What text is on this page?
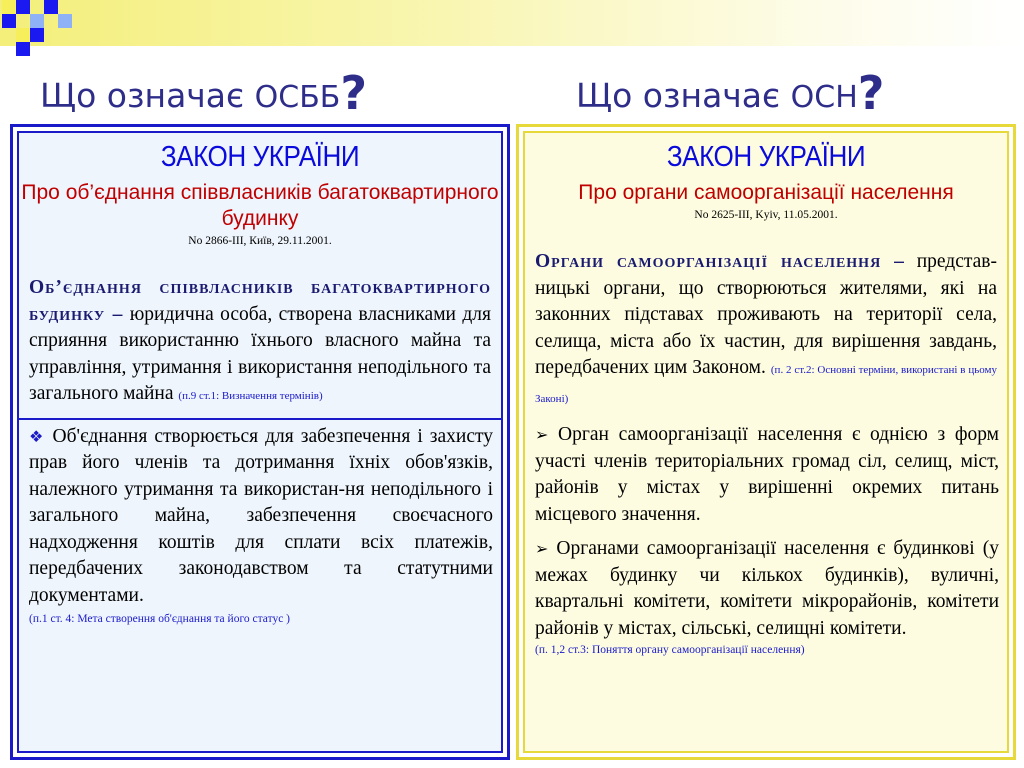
Що означає ОСББ?	Що означає ОСН?
ЗАКОН УКРАЇНИ
Про об’єднання співвласників багатоквартирного будинку
No 2866-III, Київ, 29.11.2001.
Об’єднання співвласників багатоквартирного будинку – юридична особа, створена власниками для сприяння використанню їхнього власного майна та управління, утримання і використання неподільного та загального майна (п.9 ст.1: Визначення термінів)
❖ Об'єднання створюється для забезпечення і захисту прав його членів та дотримання їхніх обов'язків, належного утримання та використан-ня неподільного і загального майна, забезпечення своєчасного надходження коштів для сплати всіх платежів, передбачених законодавством та статутними документами.
(п.1 ст. 4: Мета створення об'єднання та його статус )
ЗАКОН УКРАЇНИ
Про органи самоорганізації населення
No 2625-III, Kyiv, 11.05.2001.
Органи самоорганізації населення – представ-ницькі органи, що створюються жителями, які на законних підставах проживають на території села, селища, міста або їх частин, для вирішення завдань, передбачених цим Законом. (п. 2 ст.2: Основні терміни, використані в цьому Законі)
➢ Орган самоорганізації населення є однією з форм участі членів територіальних громад сіл, селищ, міст, районів у містах у вирішенні окремих питань місцевого значення.
➢ Органами самоорганізації населення є будинкові (у межах будинку чи кількох будинків), вуличні, квартальні комітети, комітети мікрорайонів, комітети районів у містах, сільські, селищні комітети.
(п. 1,2 ст.3: Поняття органу самоорганізації населення)
